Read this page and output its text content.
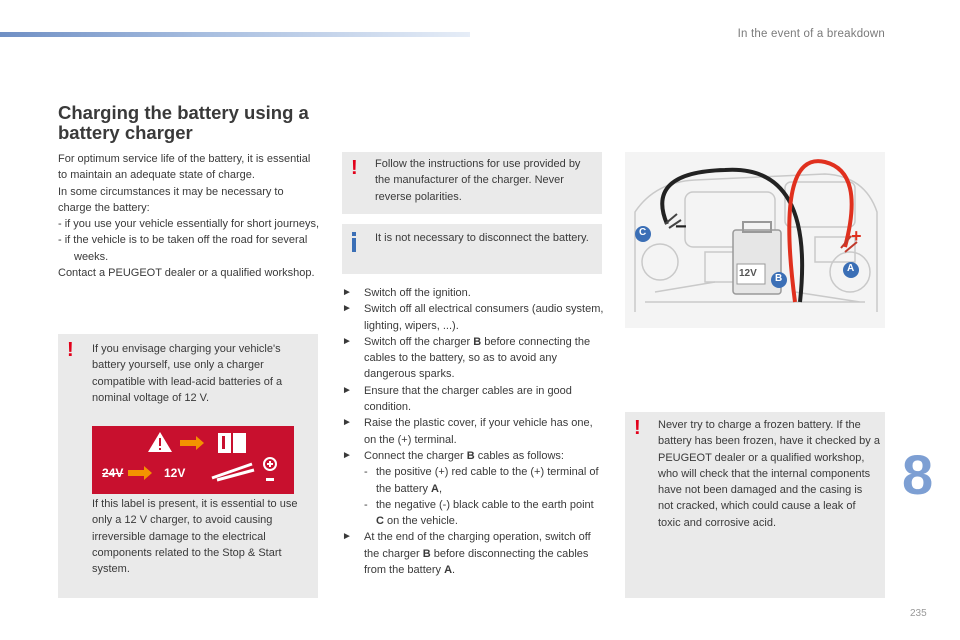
In the event of a breakdown
Charging the battery using a battery charger

For optimum service life of the battery, it is essential to maintain an adequate state of charge.

In some circumstances it may be necessary to charge the battery:

- if you use your vehicle essentially for short journeys,

- if the vehicle is to be taken off the road for several weeks.

Contact a PEUGEOT dealer or a qualified workshop.

! If you envisage charging your vehicle's battery yourself, use only a charger compatible with lead-acid batteries of a nominal voltage of 12 V.
24V	12V
If this label is present, it is essential to use only a 12 V charger, to avoid causing irreversible damage to the electrical components related to the Stop & Start system.
! Follow the instructions for use provided by the manufacturer of the charger. Never reverse polarities.
It is not necessary to disconnect the battery.
► Switch off the ignition.
► Switch off all electrical consumers (audio system, lighting, wipers, ...).
► Switch off the charger B before connecting the cables to the battery, so as to avoid any dangerous sparks.
► Ensure that the charger cables are in good condition.
► Raise the plastic cover, if your vehicle has one, on the (+) terminal.
► Connect the charger B cables as follows:
- the positive (+) red cable to the (+) terminal of the battery A,
- the negative (-) black cable to the earth point C on the vehicle.
► At the end of the charging operation, switch off the charger B before disconnecting the cables from the battery A.
C
B
A
12V
−	+
! Never try to charge a frozen battery. If the battery has been frozen, have it checked by a PEUGEOT dealer or a qualified workshop, who will check that the internal components have not been damaged and the casing is not cracked, which could cause a leak of toxic and corrosive acid.
8
235
